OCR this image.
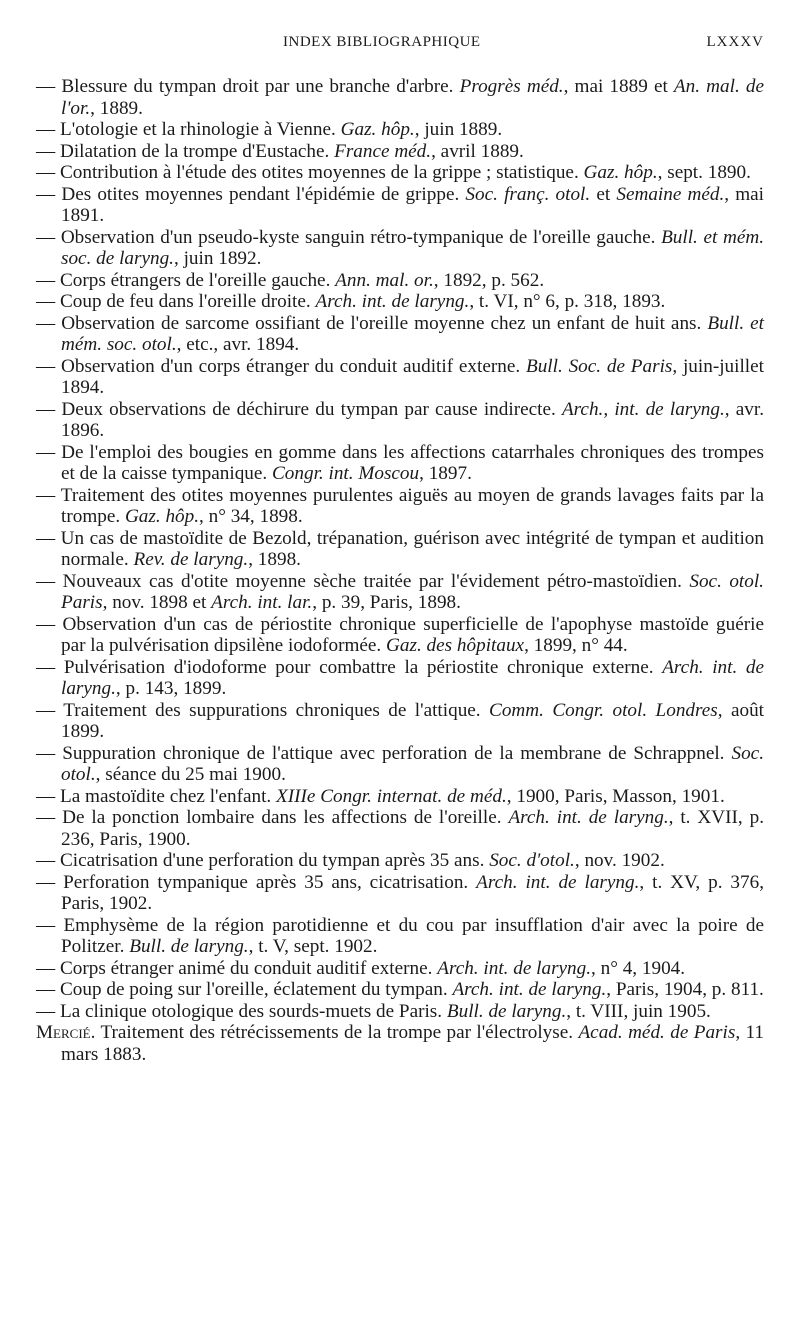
INDEX BIBLIOGRAPHIQUE	LXXXV

— Blessure du tympan droit par une branche d'arbre. Progrès méd., mai 1889 et An. mal. de l'or., 1889.

— L'otologie et la rhinologie à Vienne. Gaz. hôp., juin 1889.

— Dilatation de la trompe d'Eustache. France méd., avril 1889.

— Contribution à l'étude des otites moyennes de la grippe ; statistique. Gaz. hôp., sept. 1890.

— Des otites moyennes pendant l'épidémie de grippe. Soc. franç. otol. et Semaine méd., mai 1891.

— Observation d'un pseudo-kyste sanguin rétro-tympanique de l'oreille gauche. Bull. et mém. soc. de laryng., juin 1892.

— Corps étrangers de l'oreille gauche. Ann. mal. or., 1892, p. 562.

— Coup de feu dans l'oreille droite. Arch. int. de laryng., t. VI, n° 6, p. 318, 1893.

— Observation de sarcome ossifiant de l'oreille moyenne chez un enfant de huit ans. Bull. et mém. soc. otol., etc., avr. 1894.

— Observation d'un corps étranger du conduit auditif externe. Bull. Soc. de Paris, juin-juillet 1894.

— Deux observations de déchirure du tympan par cause indirecte. Arch., int. de laryng., avr. 1896.

— De l'emploi des bougies en gomme dans les affections catarrhales chroniques des trompes et de la caisse tympanique. Congr. int. Moscou, 1897.

— Traitement des otites moyennes purulentes aiguës au moyen de grands lavages faits par la trompe. Gaz. hôp., n° 34, 1898.

— Un cas de mastoïdite de Bezold, trépanation, guérison avec intégrité de tympan et audition normale. Rev. de laryng., 1898.

— Nouveaux cas d'otite moyenne sèche traitée par l'évidement pétro-mastoïdien. Soc. otol. Paris, nov. 1898 et Arch. int. lar., p. 39, Paris, 1898.

— Observation d'un cas de périostite chronique superficielle de l'apophyse mastoïde guérie par la pulvérisation dipsilène iodoformée. Gaz. des hôpitaux, 1899, n° 44.

— Pulvérisation d'iodoforme pour combattre la périostite chronique externe. Arch. int. de laryng., p. 143, 1899.

— Traitement des suppurations chroniques de l'attique. Comm. Congr. otol. Londres, août 1899.

— Suppuration chronique de l'attique avec perforation de la membrane de Schrappnel. Soc. otol., séance du 25 mai 1900.

— La mastoïdite chez l'enfant. XIIIe Congr. internat. de méd., 1900, Paris, Masson, 1901.

— De la ponction lombaire dans les affections de l'oreille. Arch. int. de laryng., t. XVII, p. 236, Paris, 1900.

— Cicatrisation d'une perforation du tympan après 35 ans. Soc. d'otol., nov. 1902.

— Perforation tympanique après 35 ans, cicatrisation. Arch. int. de laryng., t. XV, p. 376, Paris, 1902.

— Emphysème de la région parotidienne et du cou par insufflation d'air avec la poire de Politzer. Bull. de laryng., t. V, sept. 1902.

— Corps étranger animé du conduit auditif externe. Arch. int. de laryng., n° 4, 1904.

— Coup de poing sur l'oreille, éclatement du tympan. Arch. int. de laryng., Paris, 1904, p. 811.

— La clinique otologique des sourds-muets de Paris. Bull. de laryng., t. VIII, juin 1905.

Mercié. Traitement des rétrécissements de la trompe par l'électrolyse. Acad. méd. de Paris, 11 mars 1883.
